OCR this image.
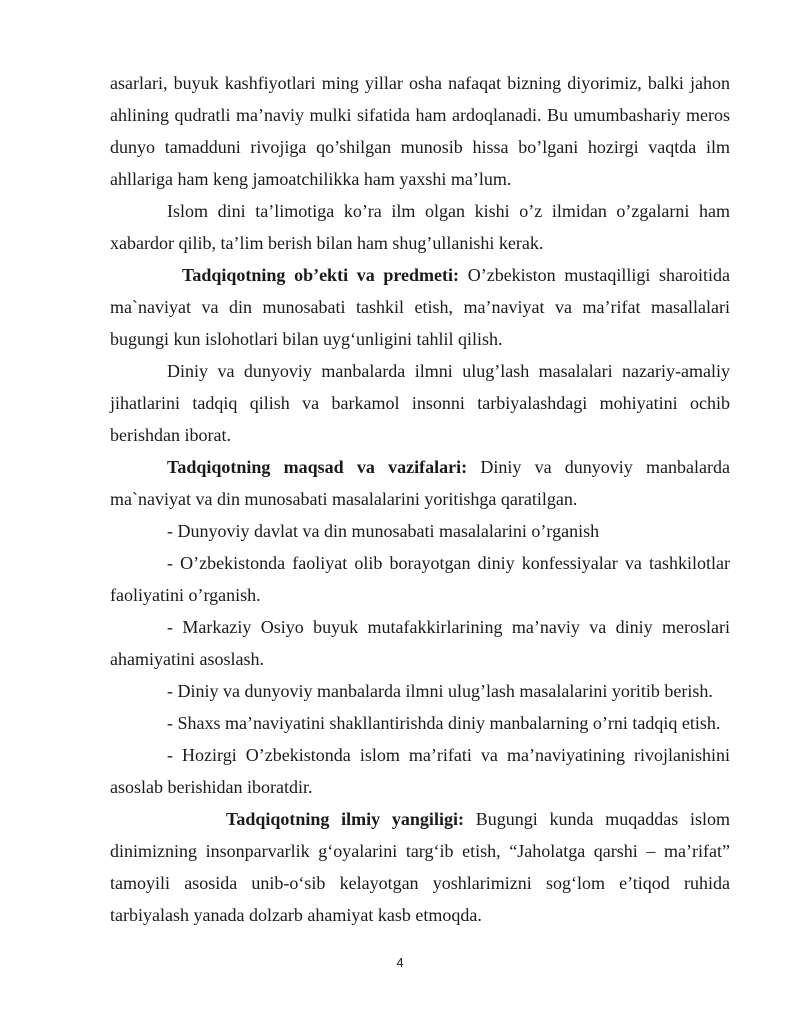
asarlari, buyuk kashfiyotlari ming yillar osha nafaqat bizning diyorimiz, balki jahon ahlining qudratli ma’naviy mulki sifatida ham ardoqlanadi. Bu umumbashariy meros dunyo tamadduni rivojiga qo’shilgan munosib hissa bo’lgani hozirgi vaqtda ilm ahllariga ham keng jamoatchilikka ham yaxshi ma’lum.

Islom dini ta’limotiga ko’ra ilm olgan kishi o’z ilmidan o’zgalarni ham xabardor qilib, ta’lim berish bilan ham shug’ullanishi kerak.

Tadqiqotning ob’ekti va predmeti: O’zbekiston mustaqilligi sharoitida ma`naviyat va din munosabati tashkil etish, ma’naviyat va ma’rifat masallalari bugungi kun islohotlari bilan uyg‘unligini tahlil qilish.

Diniy va dunyoviy manbalarda ilmni ulug’lash masalalari nazariy-amaliy jihatlarini tadqiq qilish va barkamol insonni tarbiyalashdagi mohiyatini ochib berishdan iborat.

Tadqiqotning maqsad va vazifalari: Diniy va dunyoviy manbalarda ma`naviyat va din munosabati masalalarini yoritishga qaratilgan.

- Dunyoviy davlat va din munosabati masalalarini o’rganish

- O’zbekistonda faoliyat olib borayotgan diniy konfessiyalar va tashkilotlar faoliyatini o’rganish.

- Markaziy Osiyo buyuk mutafakkirlarining ma’naviy va diniy meroslari ahamiyatini asoslash.

- Diniy va dunyoviy manbalarda ilmni ulug’lash masalalarini yoritib berish.

- Shaxs ma’naviyatini shakllantirishda diniy manbalarning o’rni tadqiq etish.

- Hozirgi O’zbekistonda islom ma’rifati va ma’naviyatining rivojlanishini asoslab berishidan iboratdir.

Tadqiqotning ilmiy yangiligi: Bugungi kunda muqaddas islom dinimizning insonparvarlik g‘oyalarini targ‘ib etish, “Jaholatga qarshi – ma’rifat” tamoyili asosida unib-o‘sib kelayotgan yoshlarimizni sog‘lom e’tiqod ruhida tarbiyalash yanada dolzarb ahamiyat kasb etmoqda.

4
